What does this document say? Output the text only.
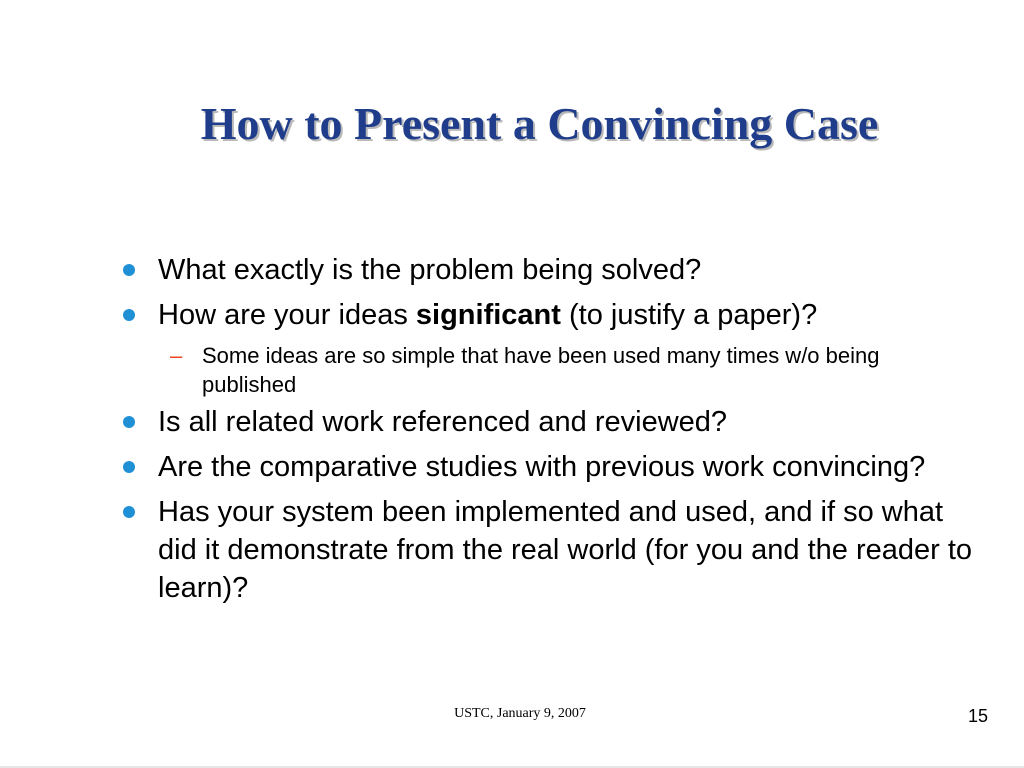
How to Present a Convincing Case
What exactly is the problem being solved?
How are your ideas significant (to justify a paper)?
– Some ideas are so simple that have been used many times w/o being published
Is all related work referenced and reviewed?
Are the comparative studies with previous work convincing?
Has your system been implemented and used, and if so what did it demonstrate from the real world (for you and the reader to learn)?
USTC, January 9, 2007	15
